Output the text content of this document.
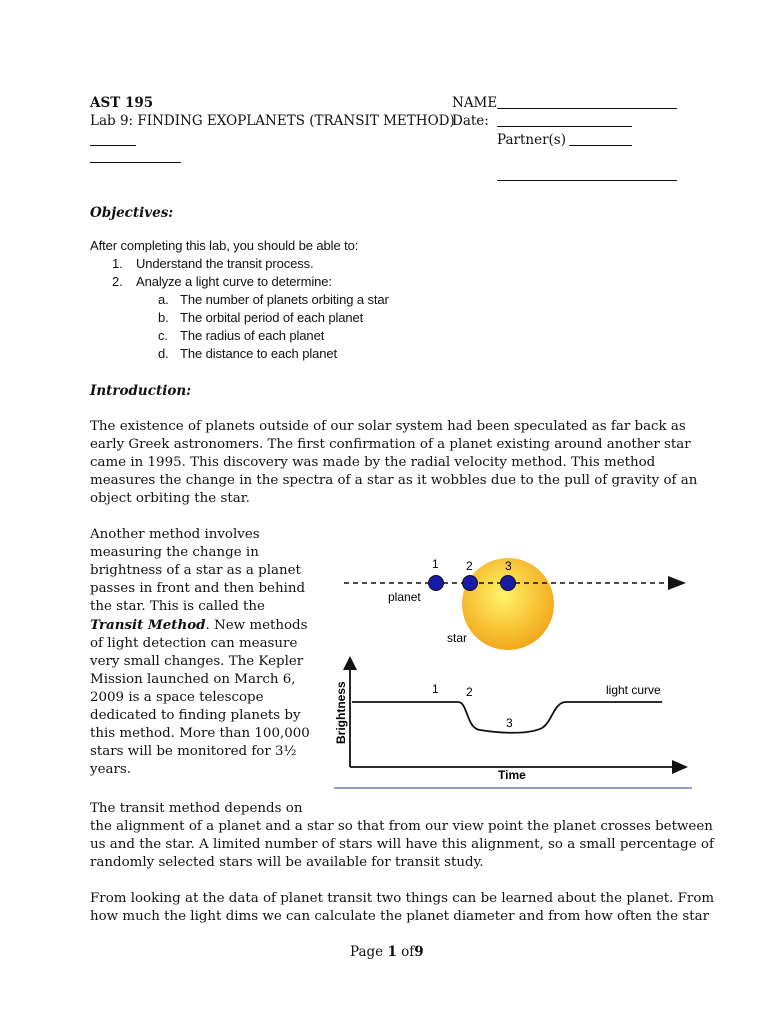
AST 195
Lab 9: FINDING EXOPLANETS (TRANSIT METHOD)
NAME
Date:
Partner(s)
Objectives:
After completing this lab, you should be able to:
1. Understand the transit process.
2. Analyze a light curve to determine:
a. The number of planets orbiting a star
b. The orbital period of each planet
c. The radius of each planet
d. The distance to each planet
Introduction:
The existence of planets outside of our solar system had been speculated as far back as
early Greek astronomers. The first confirmation of a planet existing around another star
came in 1995. This discovery was made by the radial velocity method. This method
measures the change in the spectra of a star as it wobbles due to the pull of gravity of an
object orbiting the star.
Another method involves
measuring the change in
brightness of a star as a planet
passes in front and then behind
the star. This is called the
Transit Method. New methods
of light detection can measure
very small changes. The Kepler
Mission launched on March 6,
2009 is a space telescope
dedicated to finding planets by
this method. More than 100,000
stars will be monitored for 3½
years.
1 2	3
planet
star
1 2
3
light curve
Brightness
Time
The transit method depends on
the alignment of a planet and a star so that from our view point the planet crosses between
us and the star. A limited number of stars will have this alignment, so a small percentage of
randomly selected stars will be available for transit study.
From looking at the data of planet transit two things can be learned about the planet. From
how much the light dims we can calculate the planet diameter and from how often the star
Page 1 of9
